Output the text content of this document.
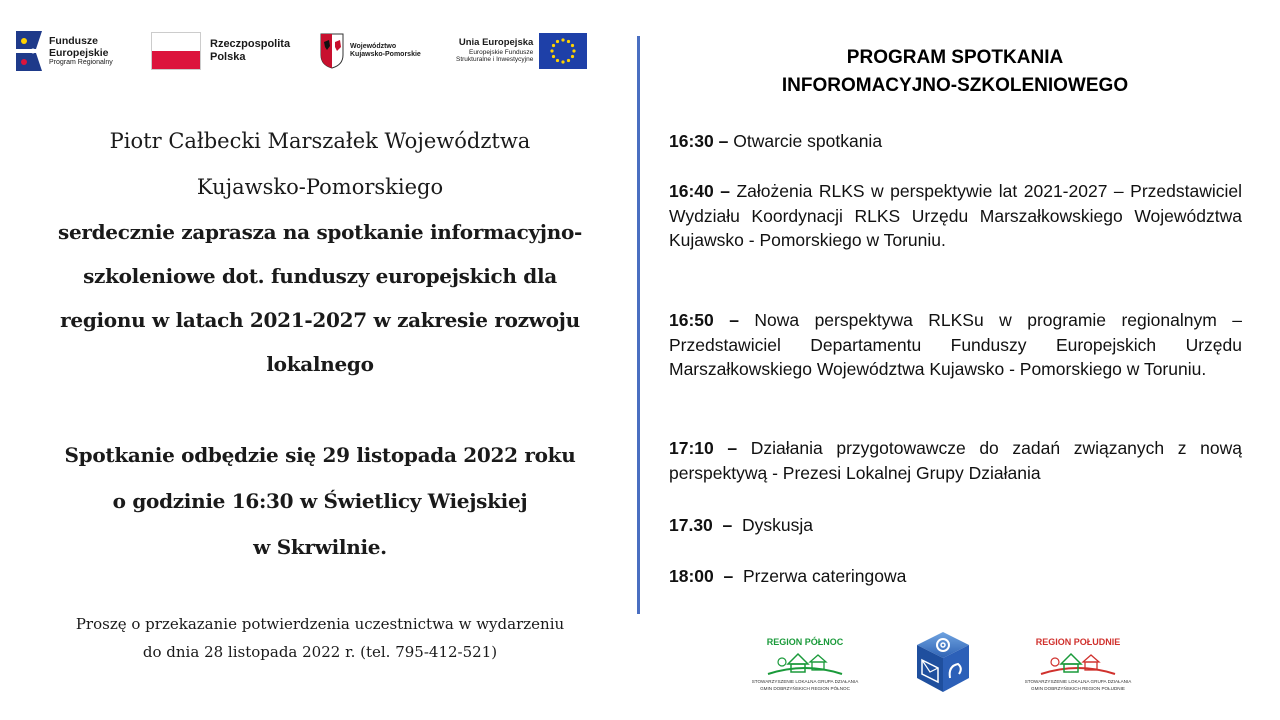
Fundusze
Europejskie
Program Regionalny
Rzeczpospolita
Polska
Województwo
Kujawsko-Pomorskie
Unia Europejska
Europejskie Fundusze
Strukturalne i Inwestycyjne
Piotr Całbecki Marszałek Województwa
Kujawsko-Pomorskiego
serdecznie zaprasza na spotkanie informacyjno-
szkoleniowe dot. funduszy europejskich dla
regionu w latach 2021-2027 w zakresie rozwoju
lokalnego
Spotkanie odbędzie się 29 listopada 2022 roku
o godzinie 16:30 w Świetlicy Wiejskiej
w Skrwilnie.
Proszę o przekazanie potwierdzenia uczestnictwa w wydarzeniu
do dnia 28 listopada 2022 r. (tel. 795-412-521)
PROGRAM SPOTKANIA
INFOROMACYJNO-SZKOLENIOWEGO
16:30 – Otwarcie spotkania
16:40 – Założenia RLKS w perspektywie lat 2021-2027 – Przedstawiciel Wydziału Koordynacji RLKS Urzędu Marszałkowskiego Województwa Kujawsko - Pomorskiego w Toruniu.
16:50 – Nowa perspektywa RLKSu w programie regionalnym – Przedstawiciel Departamentu Funduszy Europejskich Urzędu Marszałkowskiego Województwa Kujawsko - Pomorskiego w Toruniu.
17:10 – Działania przygotowawcze do zadań związanych z nową perspektywą - Prezesi Lokalnej Grupy Działania
17.30  –  Dyskusja
18:00  –  Przerwa cateringowa
REGION PÓŁNOC
STOWARZYSZENIE LOKALNA GRUPA DZIAŁANIA
GMIN DOBRZYŃSKICH REGION PÓŁNOC
REGION POŁUDNIE
STOWARZYSZENIE LOKALNA GRUPA DZIAŁANIA
GMIN DOBRZYŃSKICH REGION POŁUDNIE
